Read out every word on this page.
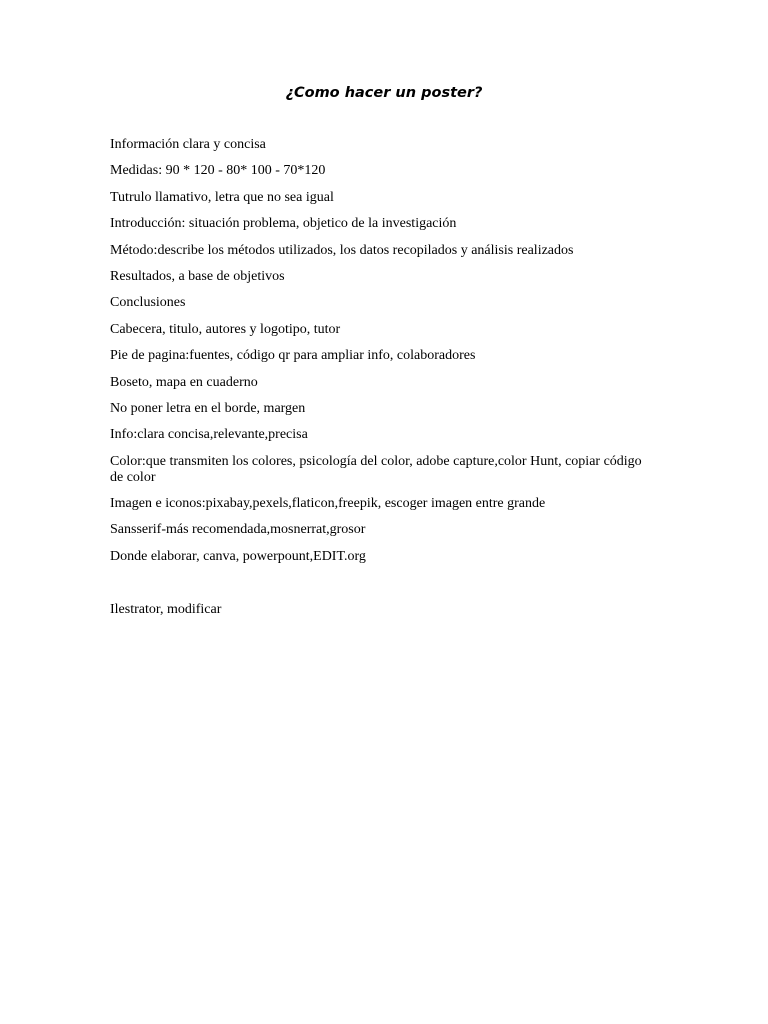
¿Como hacer un poster?

Información clara y concisa

Medidas: 90 * 120 - 80* 100 - 70*120

Tutrulo llamativo, letra que no sea igual

Introducción: situación problema, objetico de la investigación

Método:describe los métodos utilizados, los datos recopilados y análisis realizados

Resultados, a base de objetivos

Conclusiones

Cabecera, titulo, autores y logotipo, tutor

Pie de pagina:fuentes, código qr para ampliar info, colaboradores

Boseto, mapa en cuaderno

No poner letra en el borde, margen

Info:clara concisa,relevante,precisa

Color:que transmiten los colores, psicología del color, adobe capture,color Hunt, copiar código de color

Imagen e iconos:pixabay,pexels,flaticon,freepik, escoger imagen entre grande

Sansserif-más recomendada,mosnerrat,grosor

Donde elaborar, canva, powerpount,EDIT.org

Ilestrator, modificar
